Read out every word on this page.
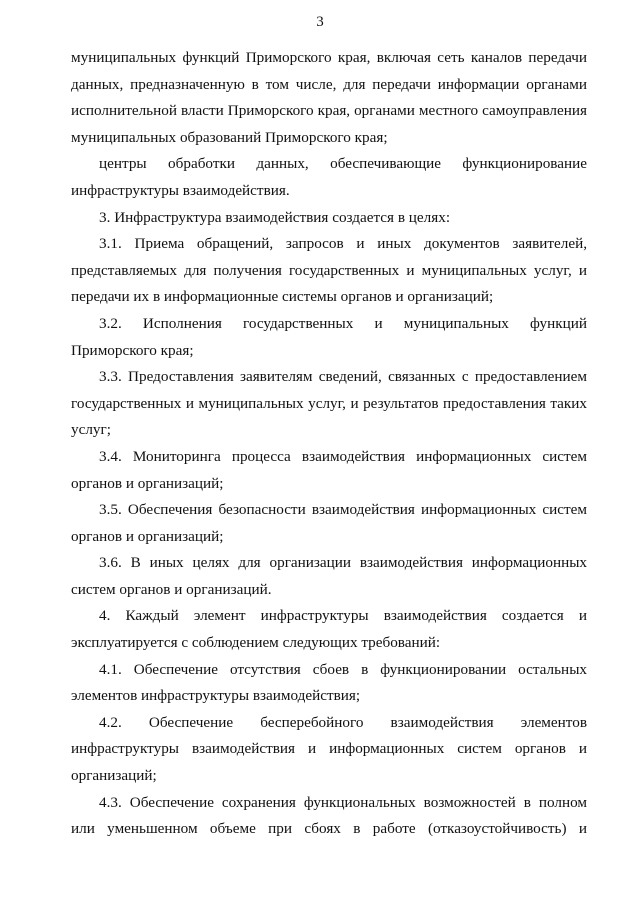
3

муниципальных функций Приморского края, включая сеть каналов передачи данных, предназначенную в том числе, для передачи информации органами исполнительной власти Приморского края, органами местного самоуправления муниципальных образований Приморского края;

центры обработки данных, обеспечивающие функционирование инфраструктуры взаимодействия.

3. Инфраструктура взаимодействия создается в целях:

3.1. Приема обращений, запросов и иных документов заявителей, представляемых для получения государственных и муниципальных услуг, и передачи их в информационные системы органов и организаций;

3.2. Исполнения государственных и муниципальных функций Приморского края;

3.3. Предоставления заявителям сведений, связанных с предоставлением государственных и муниципальных услуг, и результатов предоставления таких услуг;

3.4. Мониторинга процесса взаимодействия информационных систем органов и организаций;

3.5. Обеспечения безопасности взаимодействия информационных систем органов и организаций;

3.6. В иных целях для организации взаимодействия информационных систем органов и организаций.

4. Каждый элемент инфраструктуры взаимодействия создается и эксплуатируется с соблюдением следующих требований:

4.1. Обеспечение отсутствия сбоев в функционировании остальных элементов инфраструктуры взаимодействия;

4.2. Обеспечение бесперебойного взаимодействия элементов инфраструктуры взаимодействия и информационных систем органов и организаций;

4.3. Обеспечение сохранения функциональных возможностей в полном или уменьшенном объеме при сбоях в работе (отказоустойчивость) и
